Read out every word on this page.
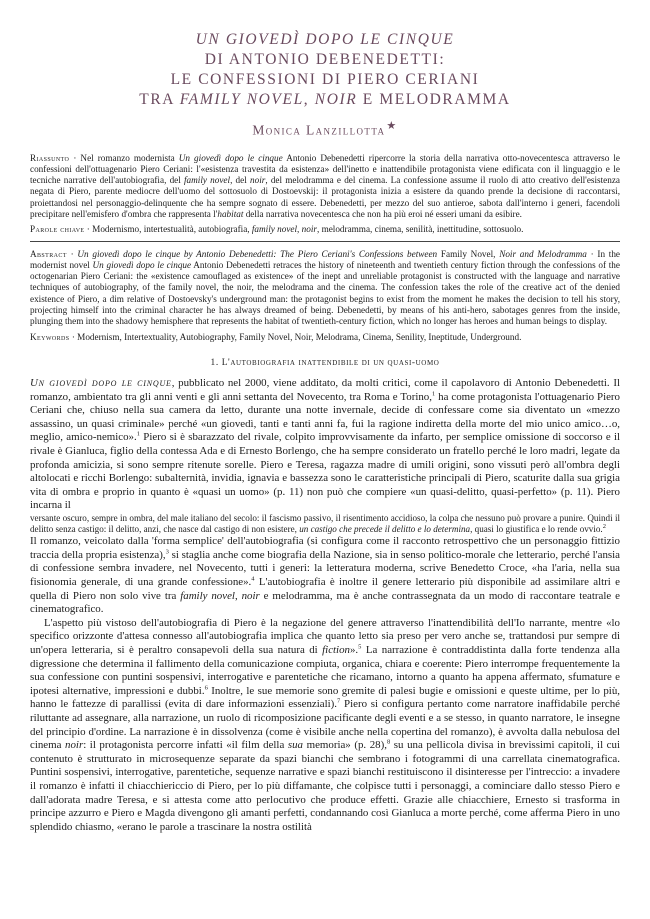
UN GIOVEDÌ DOPO LE CINQUE
DI ANTONIO DEBENEDETTI:
LE CONFESSIONI DI PIERO CERIANI
TRA FAMILY NOVEL, NOIR E MELODRAMMA
Monica Lanzillotta★

Riassunto · Nel romanzo modernista Un giovedì dopo le cinque Antonio Debenedetti ripercorre la storia della narrativa otto-novecentesca attraverso le confessioni dell'ottuagenario Piero Ceriani: l'«esistenza travestita da esistenza» dell'inetto e inattendibile protagonista viene edificata con il linguaggio e le tecniche narrative dell'autobiografia, del family novel, del noir, del melodramma e del cinema. La confessione assume il ruolo di atto creativo dell'esistenza negata di Piero, parente mediocre dell'uomo del sottosuolo di Dostoevskij: il protagonista inizia a esistere da quando prende la decisione di raccontarsi, proiettandosi nel personaggio-delinquente che ha sempre sognato di essere. Debenedetti, per mezzo del suo antieroe, sabota dall'interno i generi, facendoli precipitare nell'emisfero d'ombra che rappresenta l'habitat della narrativa novecentesca che non ha più eroi né esseri umani da esibire.

Parole chiave · Modernismo, intertestualità, autobiografia, family novel, noir, melodramma, cinema, senilità, inettitudine, sottosuolo.

Abstract · Un giovedì dopo le cinque by Antonio Debenedetti: The Piero Ceriani's Confessions between Family Novel, Noir and Melodramma · In the modernist novel Un giovedì dopo le cinque Antonio Debenedetti retraces the history of nineteenth and twentieth century fiction through the confessions of the octogenarian Piero Ceriani: the «existence camouflaged as existence» of the inept and unreliable protagonist is constructed with the language and narrative techniques of autobiography, of the family novel, the noir, the melodrama and the cinema. The confession takes the role of the creative act of the denied existence of Piero, a dim relative of Dostoevsky's underground man: the protagonist begins to exist from the moment he makes the decision to tell his story, projecting himself into the criminal character he has always dreamed of being. Debenedetti, by means of his anti-hero, sabotages genres from the inside, plunging them into the shadowy hemisphere that represents the habitat of twentieth-century fiction, which no longer has heroes and human beings to display.

Keywords · Modernism, Intertextuality, Autobiography, Family Novel, Noir, Melodrama, Cinema, Senility, Ineptitude, Underground.

1. L'autobiografia inattendibile di un quasi-uomo

Un giovedì dopo le cinque, pubblicato nel 2000, viene additato, da molti critici, come il capolavoro di Antonio Debenedetti. Il romanzo, ambientato tra gli anni venti e gli anni settanta del Novecento, tra Roma e Torino,$^1$ ha come protagonista l'ottuagenario Piero Ceriani che, chiuso nella sua camera da letto, durante una notte invernale, decide di confessare come sia diventato un «mezzo assassino, un quasi criminale» perché «un giovedì, tanti e tanti anni fa, fui la ragione indiretta della morte del mio unico amico…o, meglio, amico-nemico».$^1$ Piero si è sbarazzato del rivale, colpito improvvisamente da infarto, per semplice omissione di soccorso e il rivale è Gianluca, figlio della contessa Ada e di Ernesto Borlengo, che ha sempre considerato un fratello perché le loro madri, legate da profonda amicizia, si sono sempre ritenute sorelle. Piero e Teresa, ragazza madre di umili origini, sono vissuti però all'ombra degli altolocati e ricchi Borlengo: subalternità, invidia, ignavia e bassezza sono le caratteristiche principali di Piero, scaturite dalla sua grigia vita di ombra e proprio in quanto è «quasi un uomo» (p. 11) non può che compiere «un quasi-delitto, quasi-perfetto» (p. 11). Piero incarna il

versante oscuro, sempre in ombra, del male italiano del secolo: il fascismo passivo, il risentimento accidioso, la colpa che nessuno può provare a punire. Quindi il delitto senza castigo: il delitto, anzi, che nasce dal castigo di non esistere, un castigo che precede il delitto e lo determina, quasi lo giustifica e lo rende ovvio.$^2$

Il romanzo, veicolato dalla 'forma semplice' dell'autobiografia (si configura come il racconto retrospettivo che un personaggio fittizio traccia della propria esistenza),$^3$ si staglia anche come biografia della Nazione, sia in senso politico-morale che letterario, perché l'ansia di confessione sembra invadere, nel Novecento, tutti i generi: la letteratura moderna, scrive Benedetto Croce, «ha l'aria, nella sua fisionomia generale, di una grande confessione».$^4$ L'autobiografia è inoltre il genere letterario più disponibile ad assimilare altri e quella di Piero non solo vive tra family novel, noir e melodramma, ma è anche contrassegnata da un modo di raccontare teatrale e cinematografico.

L'aspetto più vistoso dell'autobiografia di Piero è la negazione del genere attraverso l'inattendibilità dell'Io narrante, mentre «lo specifico orizzonte d'attesa connesso all'autobiografia implica che quanto letto sia preso per vero anche se, trattandosi pur sempre di un'opera letteraria, si è peraltro consapevoli della sua natura di fiction».$^5$ La narrazione è contraddistinta dalla forte tendenza alla digressione che determina il fallimento della comunicazione compiuta, organica, chiara e coerente: Piero interrompe frequentemente la sua confessione con puntini sospensivi, interrogative e parentetiche che ricamano, intorno a quanto ha appena affermato, sfumature e ipotesi alternative, impressioni e dubbi.$^6$ Inoltre, le sue memorie sono gremite di palesi bugie e omissioni e queste ultime, per lo più, hanno le fattezze di parallissi (evita di dare informazioni essenziali).$^7$ Piero si configura pertanto come narratore inaffidabile perché riluttante ad assegnare, alla narrazione, un ruolo di ricomposizione pacificante degli eventi e a se stesso, in quanto narratore, le insegne del principio d'ordine. La narrazione è in dissolvenza (come è visibile anche nella copertina del romanzo), è avvolta dalla nebulosa del cinema noir: il protagonista percorre infatti «il film della sua memoria» (p. 28),$^8$ su una pellicola divisa in brevissimi capitoli, il cui contenuto è strutturato in microsequenze separate da spazi bianchi che sembrano i fotogrammi di una carrellata cinematografica. Puntini sospensivi, interrogative, parentetiche, sequenze narrative e spazi bianchi restituiscono il disinteresse per l'intreccio: a invadere il romanzo è infatti il chiacchiericcio di Piero, per lo più diffamante, che colpisce tutti i personaggi, a cominciare dallo stesso Piero e dall'adorata madre Teresa, e si attesta come atto perlocutivo che produce effetti. Grazie alle chiacchiere, Ernesto si trasforma in principe azzurro e Piero e Magda divengono gli amanti perfetti, condannando così Gianluca a morte perché, come afferma Piero in uno splendido chiasmo, «erano le parole a trascinare la nostra ostilità
